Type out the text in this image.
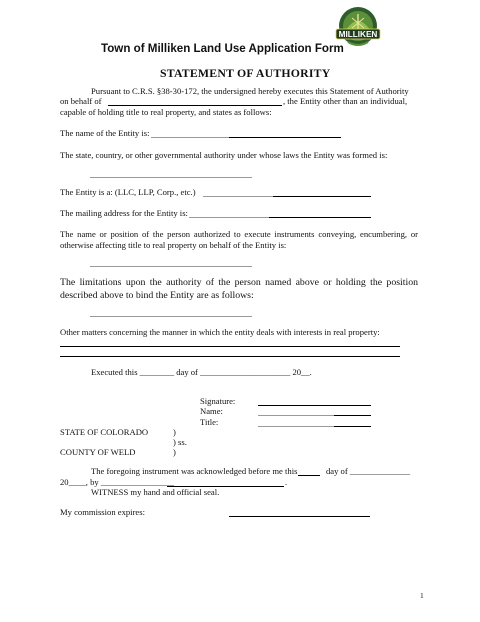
MILLIKEN
Town of Milliken Land Use Application Form
STATEMENT OF AUTHORITY
Pursuant to C.R.S. §38-30-172, the undersigned hereby executes this Statement of Authority
on behalf of	, the Entity other than an individual,
capable of holding title to real property, and states as follows:
The name of the Entity is:
The state, country, or other governmental authority under whose laws the Entity was formed is:
The Entity is a: (LLC, LLP, Corp., etc.)
The mailing address for the Entity is:
The name or position of the person authorized to execute instruments conveying, encumbering, or otherwise affecting title to real property on behalf of the Entity is:
The limitations upon the authority of the person named above or holding the position described above to bind the Entity are as follows:
Other matters concerning the manner in which the entity deals with interests in real property:
Executed this ________ day of _____________________ 20__.
Signature:
Name:
Title:
STATE OF COLORADO	)
) ss.
COUNTY OF WELD	)
The foregoing instrument was acknowledged before me this	day of ______________
20____, by _________________	.
WITNESS my hand and official seal.
My commission expires:
1
